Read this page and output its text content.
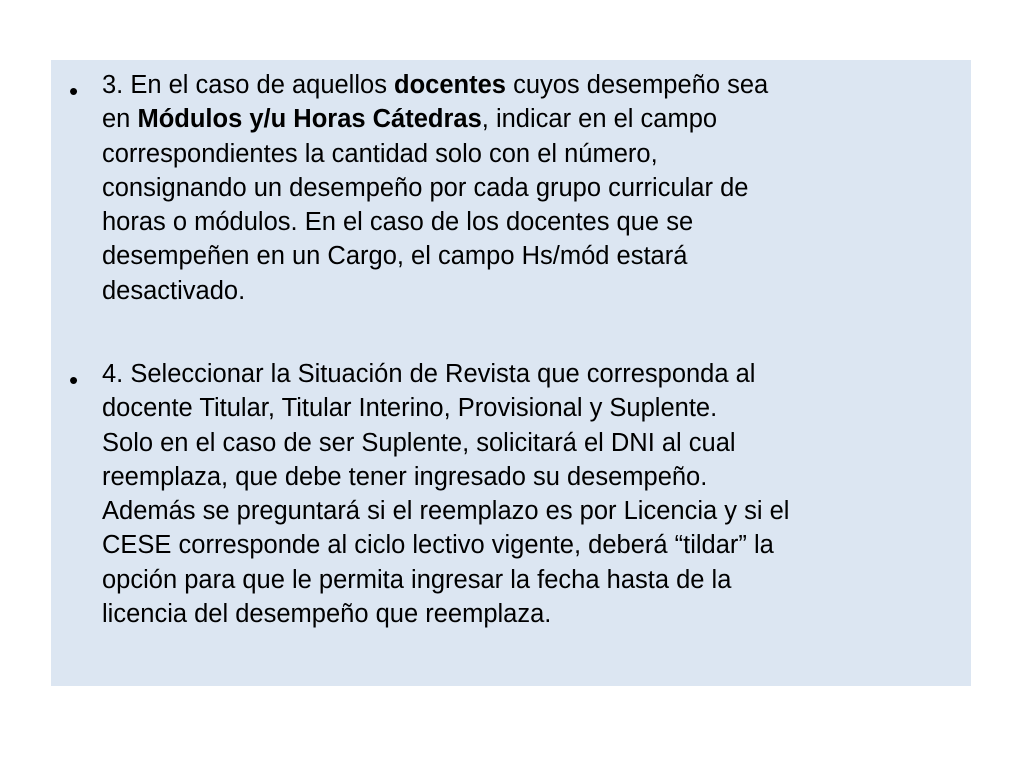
• 3. En el caso de aquellos docentes cuyos desempeño sea
en Módulos y/u Horas Cátedras, indicar en el campo
correspondientes la cantidad solo con el número,
consignando un desempeño por cada grupo curricular de
horas o módulos. En el caso de los docentes que se
desempeñen en un Cargo, el campo Hs/mód estará
desactivado.
• 4. Seleccionar la Situación de Revista que corresponda al
docente Titular, Titular Interino, Provisional y Suplente.
Solo en el caso de ser Suplente, solicitará el DNI al cual
reemplaza, que debe tener ingresado su desempeño.
Además se preguntará si el reemplazo es por Licencia y si el
CESE corresponde al ciclo lectivo vigente, deberá “tildar” la
opción para que le permita ingresar la fecha hasta de la
licencia del desempeño que reemplaza.
